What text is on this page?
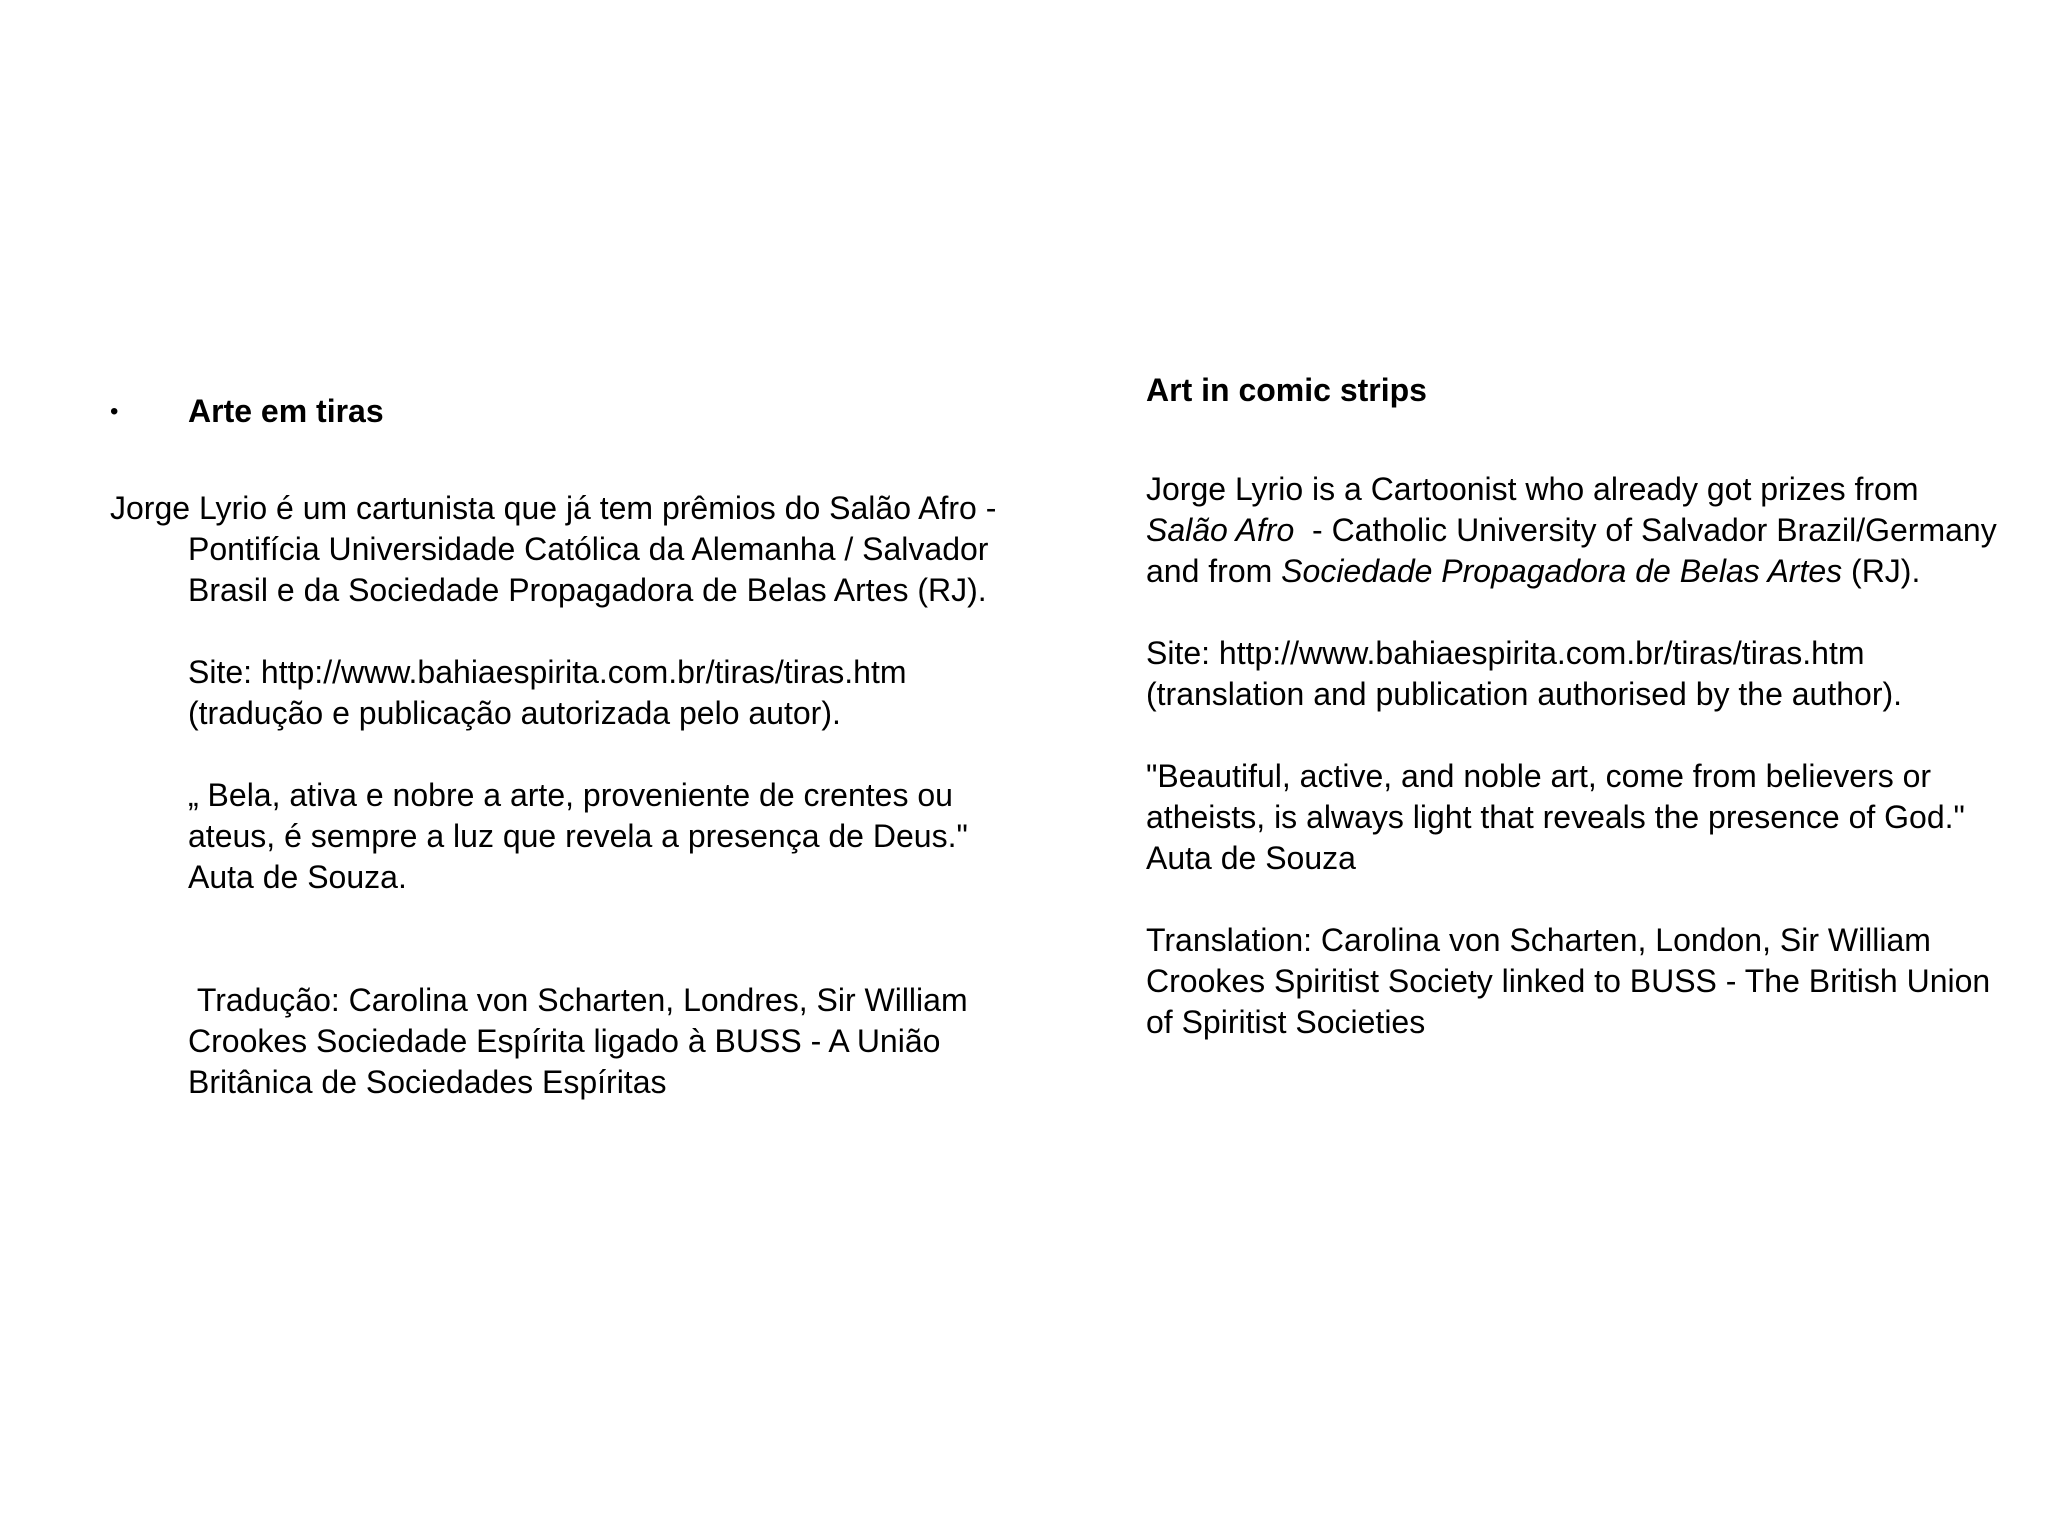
• Arte em tiras

Jorge Lyrio é um cartunista que já tem prêmios do Salão Afro - Pontifícia Universidade Católica da Alemanha / Salvador Brasil e da Sociedade Propagadora de Belas Artes (RJ).

Site: http://www.bahiaespirita.com.br/tiras/tiras.htm (tradução e publicação autorizada pelo autor).

„ Bela, ativa e nobre a arte, proveniente de crentes ou ateus, é sempre a luz que revela a presença de Deus." Auta de Souza.

Tradução: Carolina von Scharten, Londres, Sir William Crookes Sociedade Espírita ligado à BUSS - A União Britânica de Sociedades Espíritas

Art in comic strips

Jorge Lyrio is a Cartoonist who already got prizes from Salão Afro  - Catholic University of Salvador Brazil/Germany and from Sociedade Propagadora de Belas Artes (RJ).

Site: http://www.bahiaespirita.com.br/tiras/tiras.htm (translation and publication authorised by the author).

"Beautiful, active, and noble art, come from believers or atheists, is always light that reveals the presence of God." Auta de Souza

Translation: Carolina von Scharten, London, Sir William Crookes Spiritist Society linked to BUSS - The British Union of Spiritist Societies
